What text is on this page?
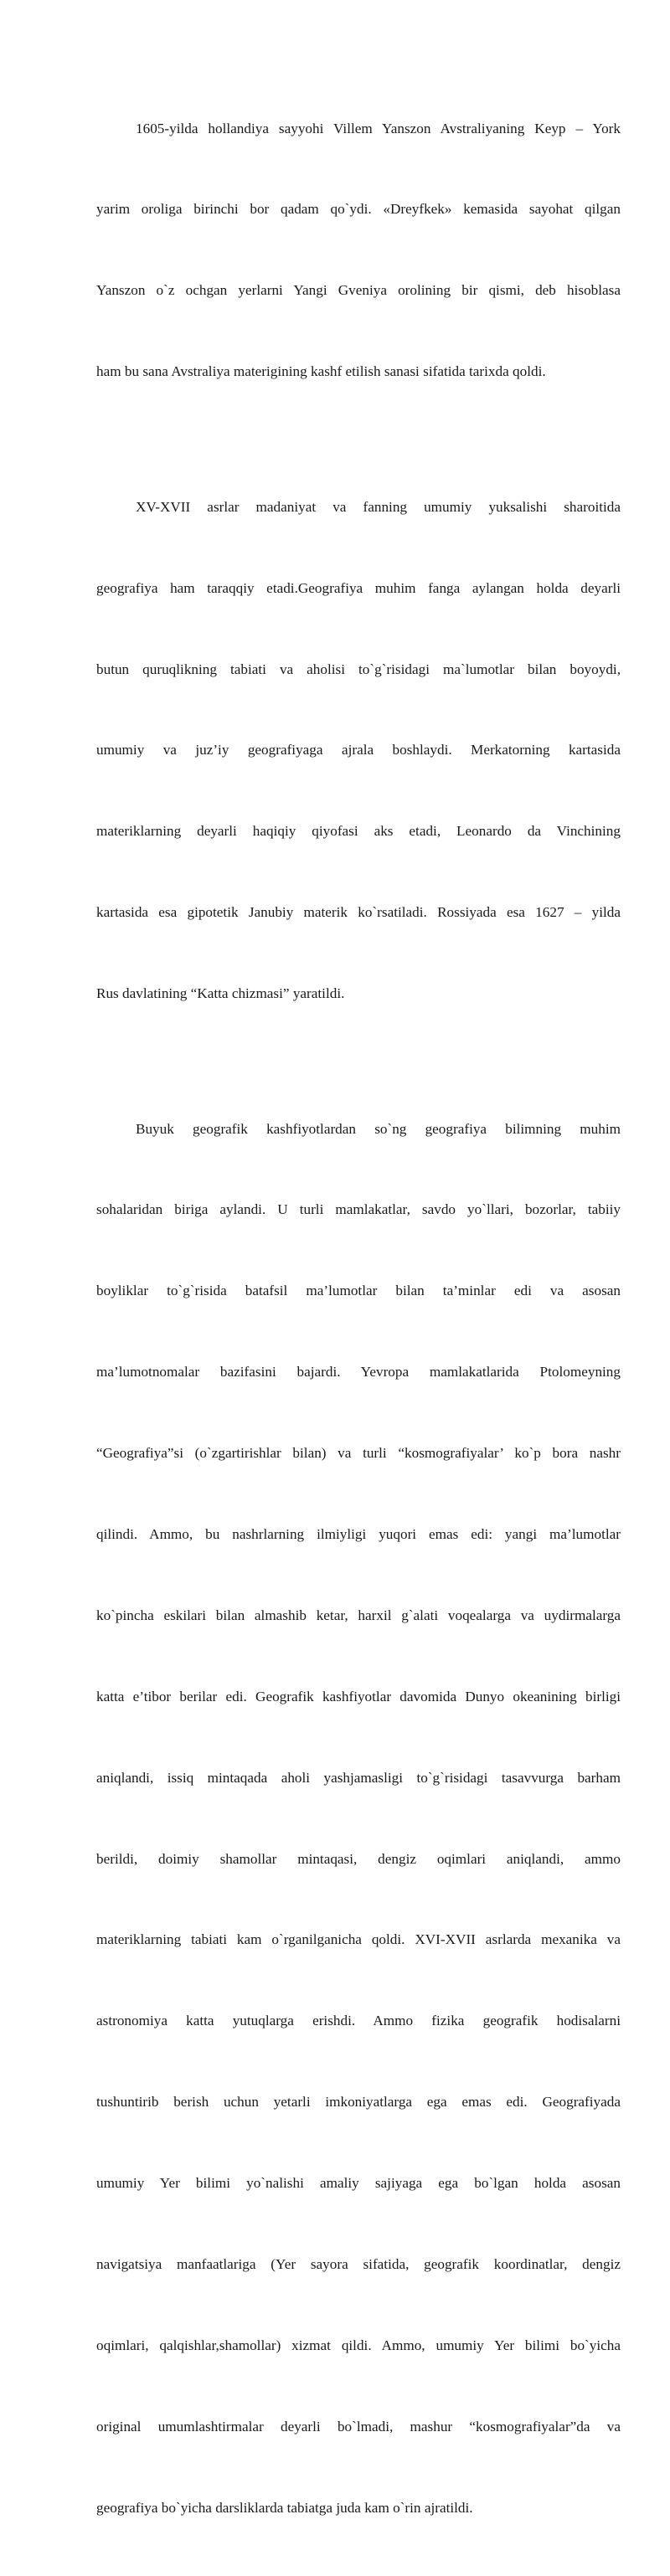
1605-yilda hollandiya sayyohi Villem Yanszon Avstraliyaning Keyp – York

yarim oroliga birinchi bor qadam qo`ydi. «Dreyfkek» kemasida sayohat qilgan

Yanszon o`z ochgan yerlarni Yangi Gveniya orolining bir qismi, deb hisoblasa

ham bu sana Avstraliya materigining kashf etilish sanasi sifatida tarixda qoldi.

XV-XVII asrlar madaniyat va fanning umumiy yuksalishi sharoitida

geografiya ham taraqqiy etadi.Geografiya muhim fanga aylangan holda deyarli

butun quruqlikning tabiati va aholisi to`g`risidagi ma`lumotlar bilan boyoydi,

umumiy va juz’iy geografiyaga ajrala boshlaydi. Merkatorning kartasida

materiklarning deyarli haqiqiy qiyofasi aks etadi, Leonardo da Vinchining

kartasida esa gipotetik Janubiy materik ko`rsatiladi. Rossiyada esa 1627 – yilda

Rus davlatining “Katta chizmasi” yaratildi.

Buyuk geografik kashfiyotlardan so`ng geografiya bilimning muhim

sohalaridan biriga aylandi. U turli mamlakatlar, savdo yo`llari, bozorlar, tabiiy

boyliklar to`g`risida batafsil ma’lumotlar bilan ta’minlar edi va asosan

ma’lumotnomalar bazifasini bajardi. Yevropa mamlakatlarida Ptolomeyning

“Geografiya”si (o`zgartirishlar bilan) va turli “kosmografiyalar’ ko`p bora nashr

qilindi. Ammo, bu nashrlarning ilmiyligi yuqori emas edi: yangi ma’lumotlar

ko`pincha eskilari bilan almashib ketar, harxil g`alati voqealarga va uydirmalarga

katta e’tibor berilar edi. Geografik kashfiyotlar davomida Dunyo okeanining birligi

aniqlandi, issiq mintaqada aholi yashjamasligi to`g`risidagi tasavvurga barham

berildi, doimiy shamollar mintaqasi, dengiz oqimlari aniqlandi, ammo

materiklarning tabiati kam o`rganilganicha qoldi. XVI-XVII asrlarda mexanika va

astronomiya katta yutuqlarga erishdi. Ammo fizika geografik hodisalarni

tushuntirib berish uchun yetarli imkoniyatlarga ega emas edi. Geografiyada

umumiy Yer bilimi yo`nalishi amaliy sajiyaga ega bo`lgan holda asosan

navigatsiya manfaatlariga (Yer sayora sifatida, geografik koordinatlar, dengiz

oqimlari, qalqishlar,shamollar) xizmat qildi. Ammo, umumiy Yer bilimi bo`yicha

original umumlashtirmalar deyarli bo`lmadi, mashur “kosmografiyalar”da va

geografiya bo`yicha darsliklarda tabiatga juda kam o`rin ajratildi.
